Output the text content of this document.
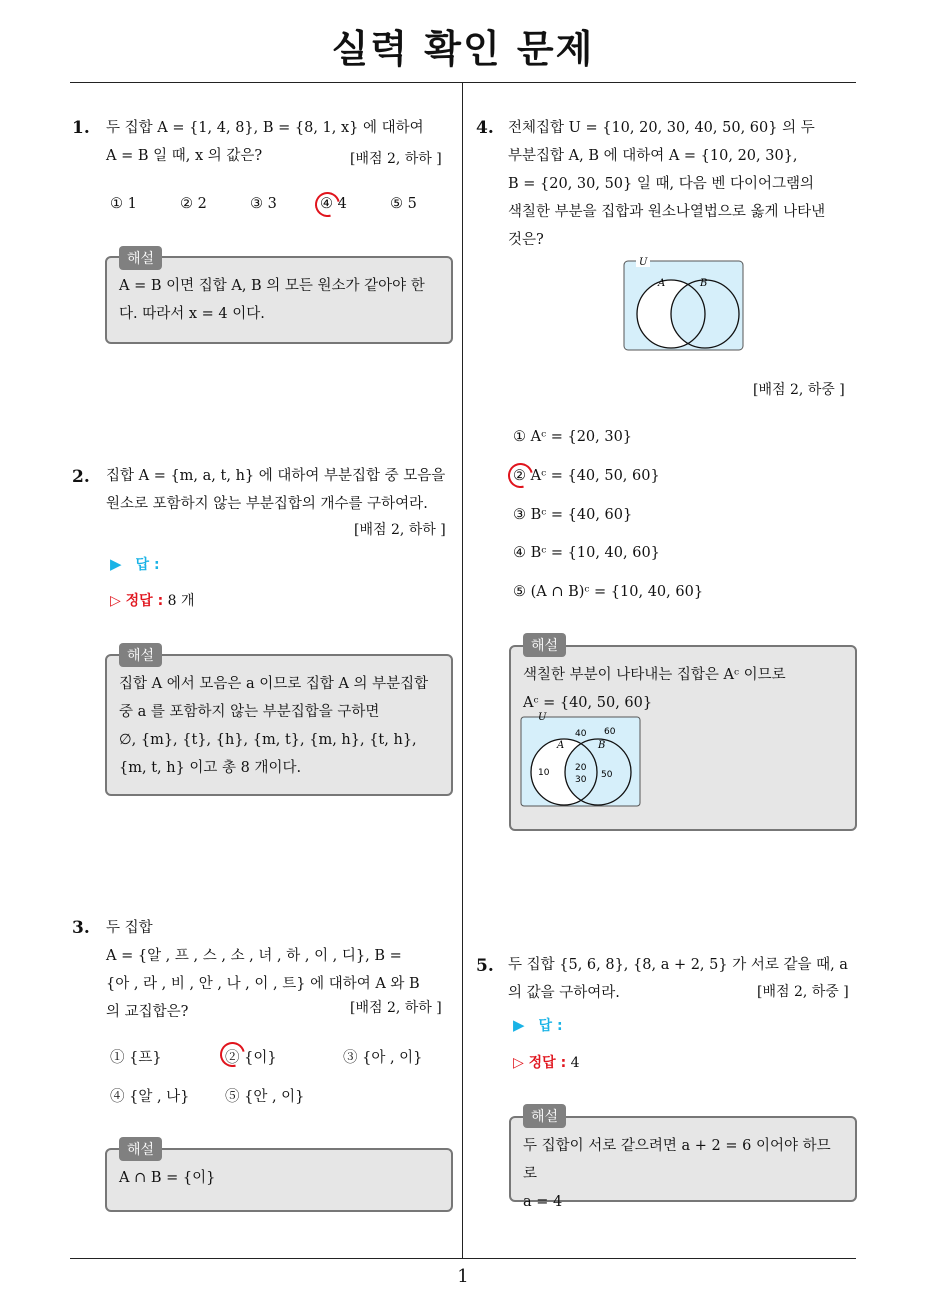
실력 확인 문제
1
1. 두 집합 A = {1, 4, 8}, B = {8, 1, x} 에 대하여
A = B 일 때, x 의 값은?	[배점 2, 하하 ]
① 1	② 2	③ 3	④ 4	⑤ 5
A = B 이면 집합 A, B 의 모든 원소가 같아야 한
다. 따라서 x = 4 이다.
해설
2. 집합 A = {m, a, t, h} 에 대하여 부분집합 중 모음을
원소로 포함하지 않는 부분집합의 개수를 구하여라.
[배점 2, 하하 ]
▶ 답 :
▷ 정답 : 8 개
집합 A 에서 모음은 a 이므로 집합 A 의 부분집합
중 a 를 포함하지 않는 부분집합을 구하면
∅, {m}, {t}, {h}, {m, t}, {m, h}, {t, h},
{m, t, h} 이고 총 8 개이다.
해설
3. 두 집합
A = {알 , 프 , 스 , 소 , 녀 , 하 , 이 , 디}, B =
{아 , 라 , 비 , 안 , 나 , 이 , 트} 에 대하여 A 와 B
의 교집합은?	[배점 2, 하하 ]
① {프}	② {이}	③ {아 , 이}
④ {알 , 나} ⑤ {안 , 이}
A ∩ B = {이}
해설
4. 전체집합 U = {10, 20, 30, 40, 50, 60} 의 두
부분집합 A, B 에 대하여 A = {10, 20, 30},
B = {20, 30, 50} 일 때, 다음 벤 다이어그램의
색칠한 부분을 집합과 원소나열법으로 옳게 나타낸
것은?
U
A	B
[배점 2, 하중 ]
① Aᶜ = {20, 30}
② Aᶜ = {40, 50, 60}
③ Bᶜ = {40, 60}
④ Bᶜ = {10, 40, 60}
⑤ (A ∩ B)ᶜ = {10, 40, 60}
색칠한 부분이 나타내는 집합은 Aᶜ 이므로
Aᶜ = {40, 50, 60}
해설
U
A	B
40 60
10	20
30 50
5. 두 집합 {5, 6, 8}, {8, a + 2, 5} 가 서로 같을 때, a
의 값을 구하여라.	[배점 2, 하중 ]
▶ 답 :
▷ 정답 : 4
두 집합이 서로 같으려면 a + 2 = 6 이어야 하므로
a = 4
해설
